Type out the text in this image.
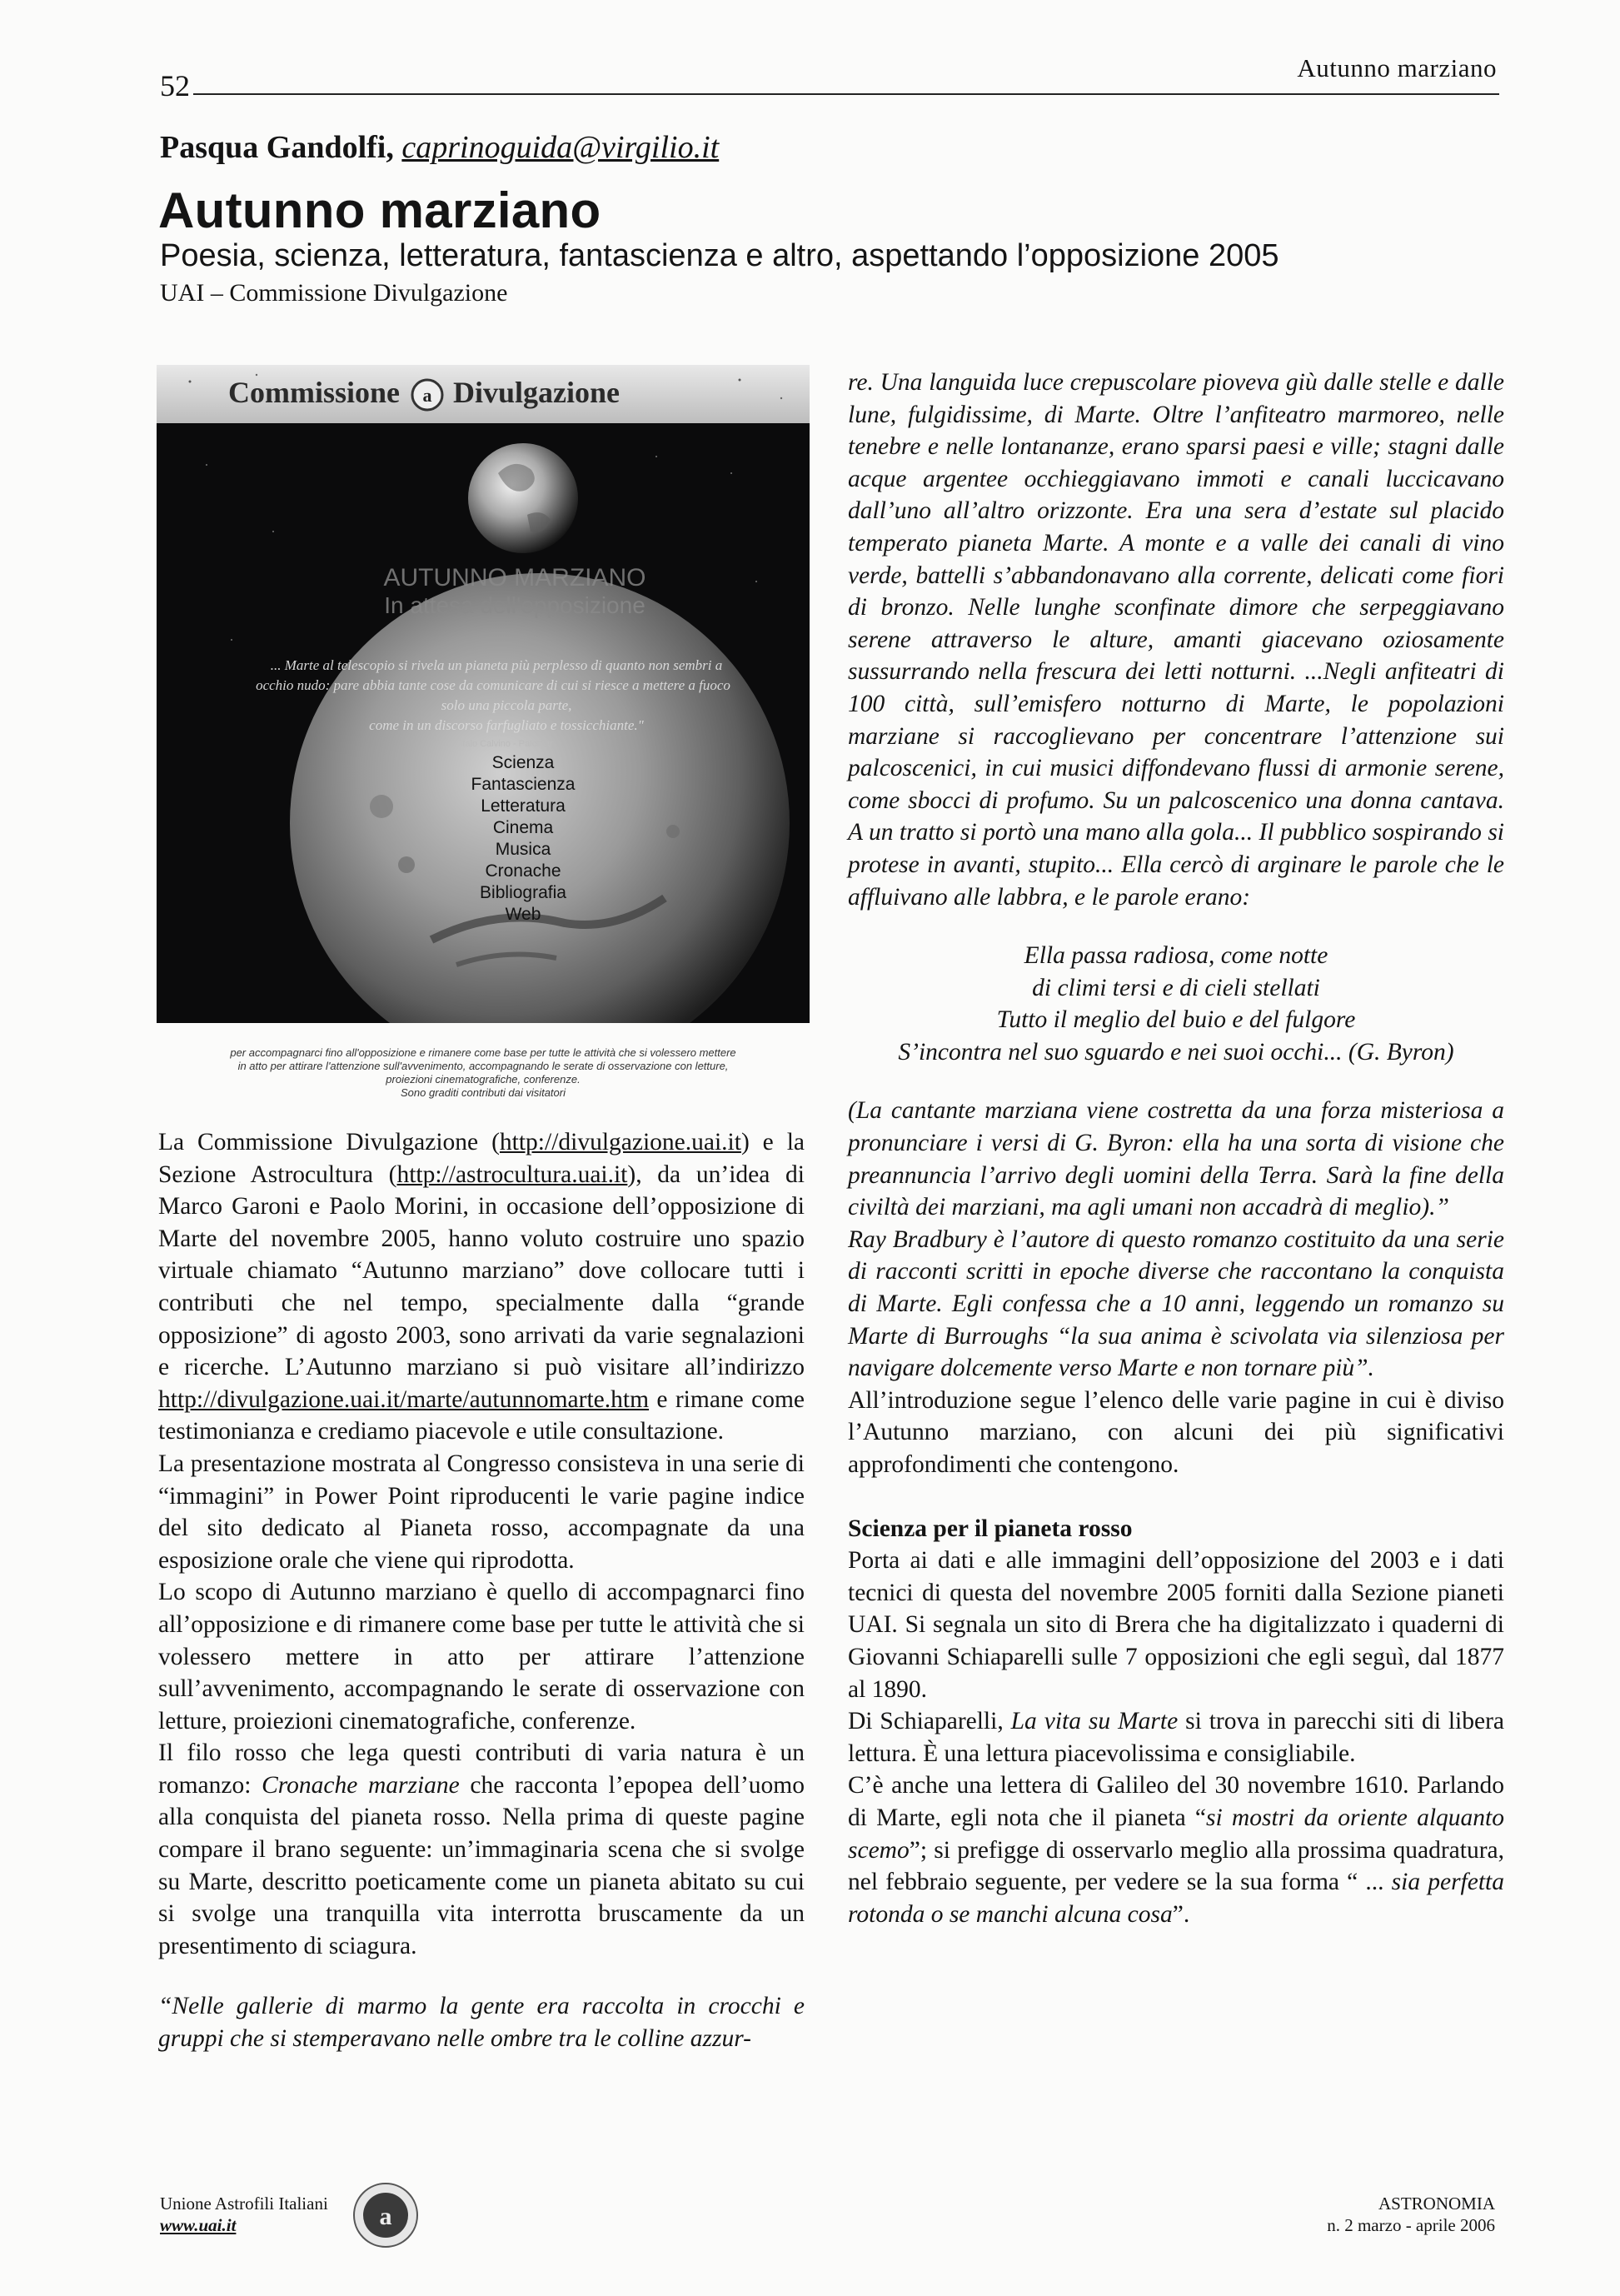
52
Autunno marziano
Pasqua Gandolfi, caprinoguida@virgilio.it
Autunno marziano
Poesia, scienza, letteratura, fantascienza e altro, aspettando l’opposizione 2005
UAI – Commissione Divulgazione
Commissione a Divulgazione
AUTUNNO MARZIANO
In attesa dell'opposizione
... Marte al telescopio si rivela un pianeta più perplesso di quanto non sembri a
occhio nudo: pare abbia tante cose da comunicare di cui si riesce a mettere a fuoco
solo una piccola parte,
come in un discorso farfugliato e tossicchiante."
Italo Calvino - Palomar
Scienza
Fantascienza
Letteratura
Cinema
Musica
Cronache
Bibliografia
Web
per accompagnarci fino all'opposizione e rimanere come base per tutte le attività che si volessero mettere
in atto per attirare l'attenzione sull'avvenimento, accompagnando le serate di osservazione con letture,
proiezioni cinematografiche, conferenze.
Sono graditi contributi dai visitatori

La Commissione Divulgazione (http://divulgazione.uai.it) e la Sezione Astrocultura (http://astrocultura.uai.it), da un’idea di Marco Garoni e Paolo Morini, in occasione dell’opposizione di Marte del novembre 2005, hanno voluto costruire uno spazio virtuale chiamato “Autunno marziano” dove collocare tutti i contributi che nel tempo, specialmente dalla “grande opposizione” di agosto 2003, sono arrivati da varie segnalazioni e ricerche. L’Autunno marziano si può visitare all’indirizzo http://divulgazione.uai.it/marte/autunnomarte.htm e rimane come testimonianza e crediamo piacevole e utile consultazione.

La presentazione mostrata al Congresso consisteva in una serie di “immagini” in Power Point riproducenti le varie pagine indice del sito dedicato al Pianeta rosso, accompagnate da una esposizione orale che viene qui riprodotta.

Lo scopo di Autunno marziano è quello di accompagnarci fino all’opposizione e di rimanere come base per tutte le attività che si volessero mettere in atto per attirare l’attenzione sull’avvenimento, accompagnando le serate di osservazione con letture, proiezioni cinematografiche, conferenze.

Il filo rosso che lega questi contributi di varia natura è un romanzo: Cronache marziane che racconta l’epopea dell’uomo alla conquista del pianeta rosso. Nella prima di queste pagine compare il brano seguente: un’immaginaria scena che si svolge su Marte, descritto poeticamente come un pianeta abitato su cui si svolge una tranquilla vita interrotta bruscamente da un presentimento di sciagura.

“Nelle gallerie di marmo la gente era raccolta in crocchi e gruppi che si stemperavano nelle ombre tra le colline azzur-

re. Una languida luce crepuscolare pioveva giù dalle stelle e dalle lune, fulgidissime, di Marte. Oltre l’anfiteatro marmoreo, nelle tenebre e nelle lontananze, erano sparsi paesi e ville; stagni dalle acque argentee occhieggiavano immoti e canali luccicavano dall’uno all’altro orizzonte. Era una sera d’estate sul placido temperato pianeta Marte. A monte e a valle dei canali di vino verde, battelli s’abbandonavano alla corrente, delicati come fiori di bronzo. Nelle lunghe sconfinate dimore che serpeggiavano serene attraverso le alture, amanti giacevano oziosamente sussurrando nella frescura dei letti notturni. ...Negli anfiteatri di 100 città, sull’emisfero notturno di Marte, le popolazioni marziane si raccoglievano per concentrare l’attenzione sui palcoscenici, in cui musici diffondevano flussi di armonie serene, come sbocci di profumo. Su un palcoscenico una donna cantava. A un tratto si portò una mano alla gola... Il pubblico sospirando si protese in avanti, stupito... Ella cercò di arginare le parole che le affluivano alle labbra, e le parole erano:

Ella passa radiosa, come notte
di climi tersi e di cieli stellati
Tutto il meglio del buio e del fulgore
S’incontra nel suo sguardo e nei suoi occhi... (G. Byron)

(La cantante marziana viene costretta da una forza misteriosa a pronunciare i versi di G. Byron: ella ha una sorta di visione che preannuncia l’arrivo degli uomini della Terra. Sarà la fine della civiltà dei marziani, ma agli umani non accadrà di meglio).”

Ray Bradbury è l’autore di questo romanzo costituito da una serie di racconti scritti in epoche diverse che raccontano la conquista di Marte. Egli confessa che a 10 anni, leggendo un romanzo su Marte di Burroughs “la sua anima è scivolata via silenziosa per navigare dolcemente verso Marte e non tornare più”.

All’introduzione segue l’elenco delle varie pagine in cui è diviso l’Autunno marziano, con alcuni dei più significativi approfondimenti che contengono.

Scienza per il pianeta rosso

Porta ai dati e alle immagini dell’opposizione del 2003 e i dati tecnici di questa del novembre 2005 forniti dalla Sezione pianeti UAI. Si segnala un sito di Brera che ha digitalizzato i quaderni di Giovanni Schiaparelli sulle 7 opposizioni che egli seguì, dal 1877 al 1890.

Di Schiaparelli, La vita su Marte si trova in parecchi siti di libera lettura. È una lettura piacevolissima e consigliabile.

C’è anche una lettera di Galileo del 30 novembre 1610. Parlando di Marte, egli nota che il pianeta “si mostri da oriente alquanto scemo”; si prefigge di osservarlo meglio alla prossima quadratura, nel febbraio seguente, per vedere se la sua forma “ ... sia perfetta rotonda o se manchi alcuna cosa”.

Unione Astrofili Italiani
www.uai.it	a	ASTRONOMIA
n. 2 marzo - aprile 2006
